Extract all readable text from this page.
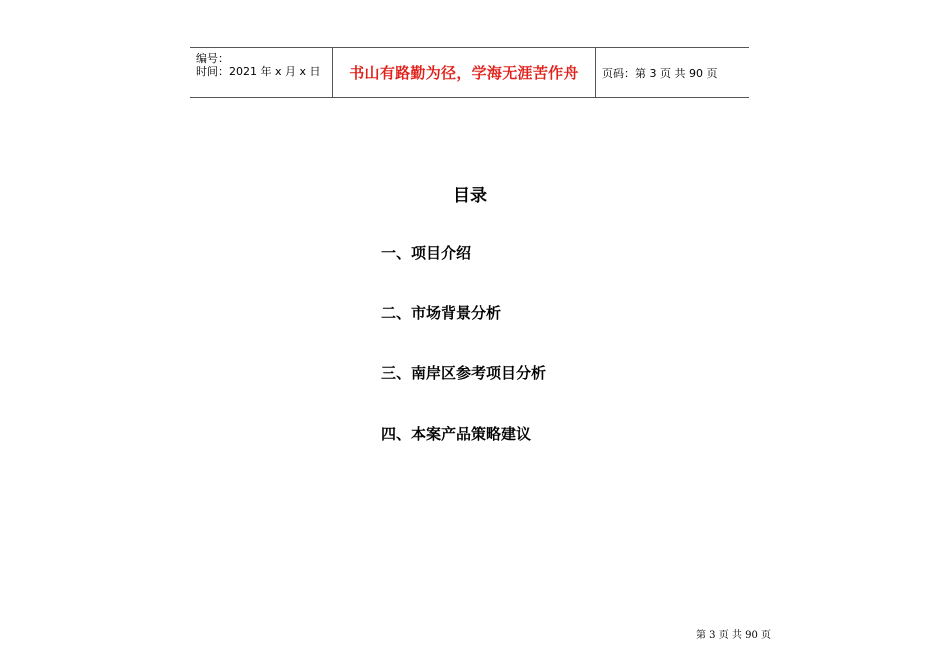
编号：
时间：2021 年 x 月 x 日	书山有路勤为径，学海无涯苦作舟	页码：第 3 页 共 90 页
目录
一、项目介绍
二、市场背景分析
三、南岸区参考项目分析
四、本案产品策略建议
第 3 页 共 90 页
